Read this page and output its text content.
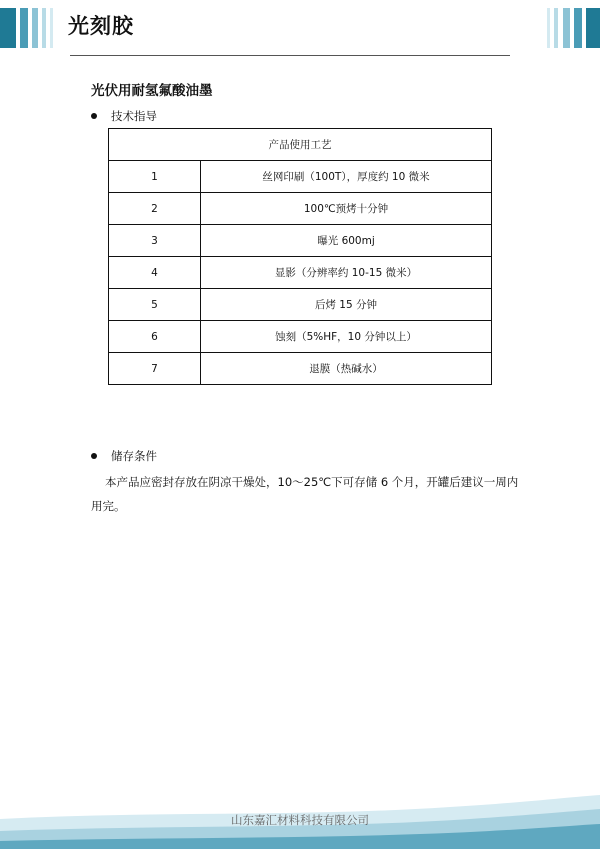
光刻胶
光伏用耐氢氟酸油墨
技术指导
产品使用工艺	
1	丝网印刷（100T），厚度约 10 微米
2	100℃预烤十分钟
3	曝光 600mj
4	显影（分辨率约 10-15 微米）
5	后烤 15 分钟
6	蚀刻（5%HF，10 分钟以上）
7	退膜（热碱水）
储存条件
本产品应密封存放在阴凉干燥处，10～25℃下可存储 6 个月，开罐后建议一周内用完。
山东嘉汇材料科技有限公司
